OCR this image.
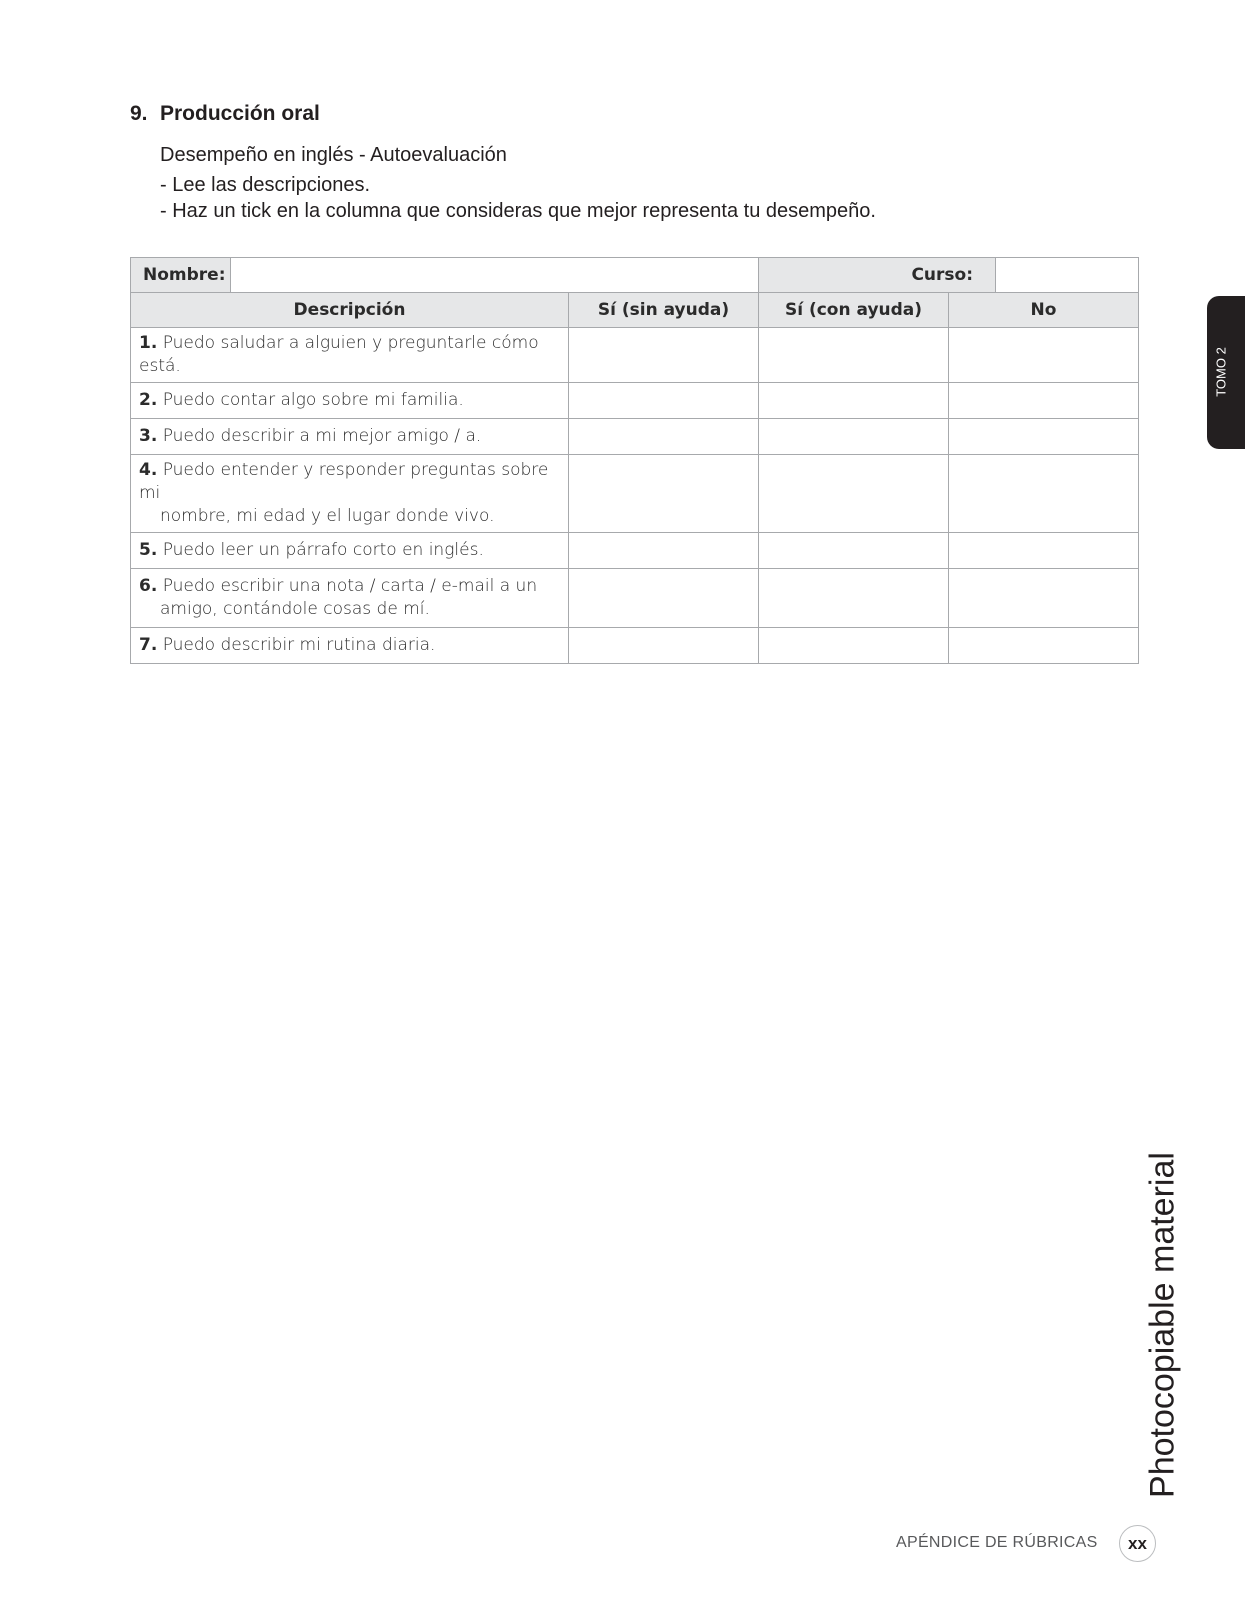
9. Producción oral
Desempeño en inglés - Autoevaluación
- Lee las descripciones.
- Haz un tick en la columna que consideras que mejor representa tu desempeño.
Nombre:			Curso:		

Descripción		Sí (sin ayuda)	Sí (con ayuda)	No	
1. Puedo saludar a alguien y preguntarle cómo está.					
2. Puedo contar algo sobre mi familia.					
3. Puedo describir a mi mejor amigo / a.					
4. Puedo entender y responder preguntas sobre mi
nombre, mi edad y el lugar donde vivo.					

5. Puedo leer un párrafo corto en inglés.					
6. Puedo escribir una nota / carta / e-mail a un
amigo, contándole cosas de mí.					

7. Puedo describir mi rutina diaria.					
TOMO 2
Photocopiable material
APÉNDICE DE RÚBRICAS xx
